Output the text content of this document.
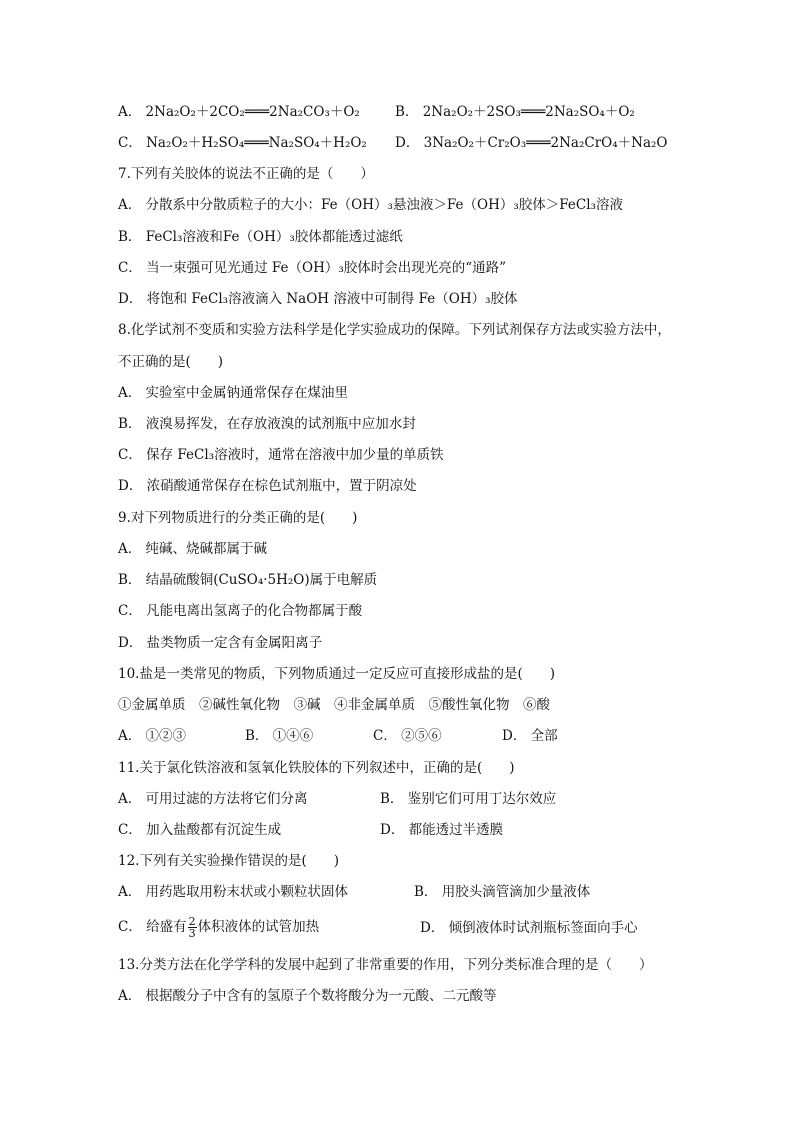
A． 2Na₂O₂＋2CO₂═══2Na₂CO₃＋O₂	B． 2Na₂O₂＋2SO₃═══2Na₂SO₄＋O₂
C． Na₂O₂＋H₂SO₄═══Na₂SO₄＋H₂O₂ D． 3Na₂O₂＋Cr₂O₃═══2Na₂CrO₄＋Na₂O
7.下列有关胶体的说法不正确的是（　　）
A． 分散系中分散质粒子的大小：Fe（OH）₃悬浊液＞Fe（OH）₃胶体＞FeCl₃溶液
B． FeCl₃溶液和Fe（OH）₃胶体都能透过滤纸
C． 当一束强可见光通过 Fe（OH）₃胶体时会出现光亮的“通路”
D． 将饱和 FeCl₃溶液滴入 NaOH 溶液中可制得 Fe（OH）₃胶体
8.化学试剂不变质和实验方法科学是化学实验成功的保障。下列试剂保存方法或实验方法中，
不正确的是(　　)
A． 实验室中金属钠通常保存在煤油里
B． 液溴易挥发，在存放液溴的试剂瓶中应加水封
C． 保存 FeCl₃溶液时，通常在溶液中加少量的单质铁
D． 浓硝酸通常保存在棕色试剂瓶中，置于阴凉处
9.对下列物质进行的分类正确的是(　　)
A． 纯碱、烧碱都属于碱
B． 结晶硫酸铜(CuSO₄·5H₂O)属于电解质
C． 凡能电离出氢离子的化合物都属于酸
D． 盐类物质一定含有金属阳离子
10.盐是一类常见的物质，下列物质通过一定反应可直接形成盐的是(　　)
①金属单质　②碱性氧化物　③碱　④非金属单质　⑤酸性氧化物　⑥酸
A． ①②③	B． ①④⑥	C． ②⑤⑥	D． 全部
11.关于氯化铁溶液和氢氧化铁胶体的下列叙述中，正确的是(　　)
A． 可用过滤的方法将它们分离	B． 鉴别它们可用丁达尔效应
C． 加入盐酸都有沉淀生成	D． 都能透过半透膜
12.下列有关实验操作错误的是(　　)
A． 用药匙取用粉末状或小颗粒状固体	B． 用胶头滴管滴加少量液体
C． 给盛有 $\frac{2}{3}$ 体积液体的试管加热	D． 倾倒液体时试剂瓶标签面向手心
13.分类方法在化学学科的发展中起到了非常重要的作用，下列分类标准合理的是（　　）
A． 根据酸分子中含有的氢原子个数将酸分为一元酸、二元酸等
